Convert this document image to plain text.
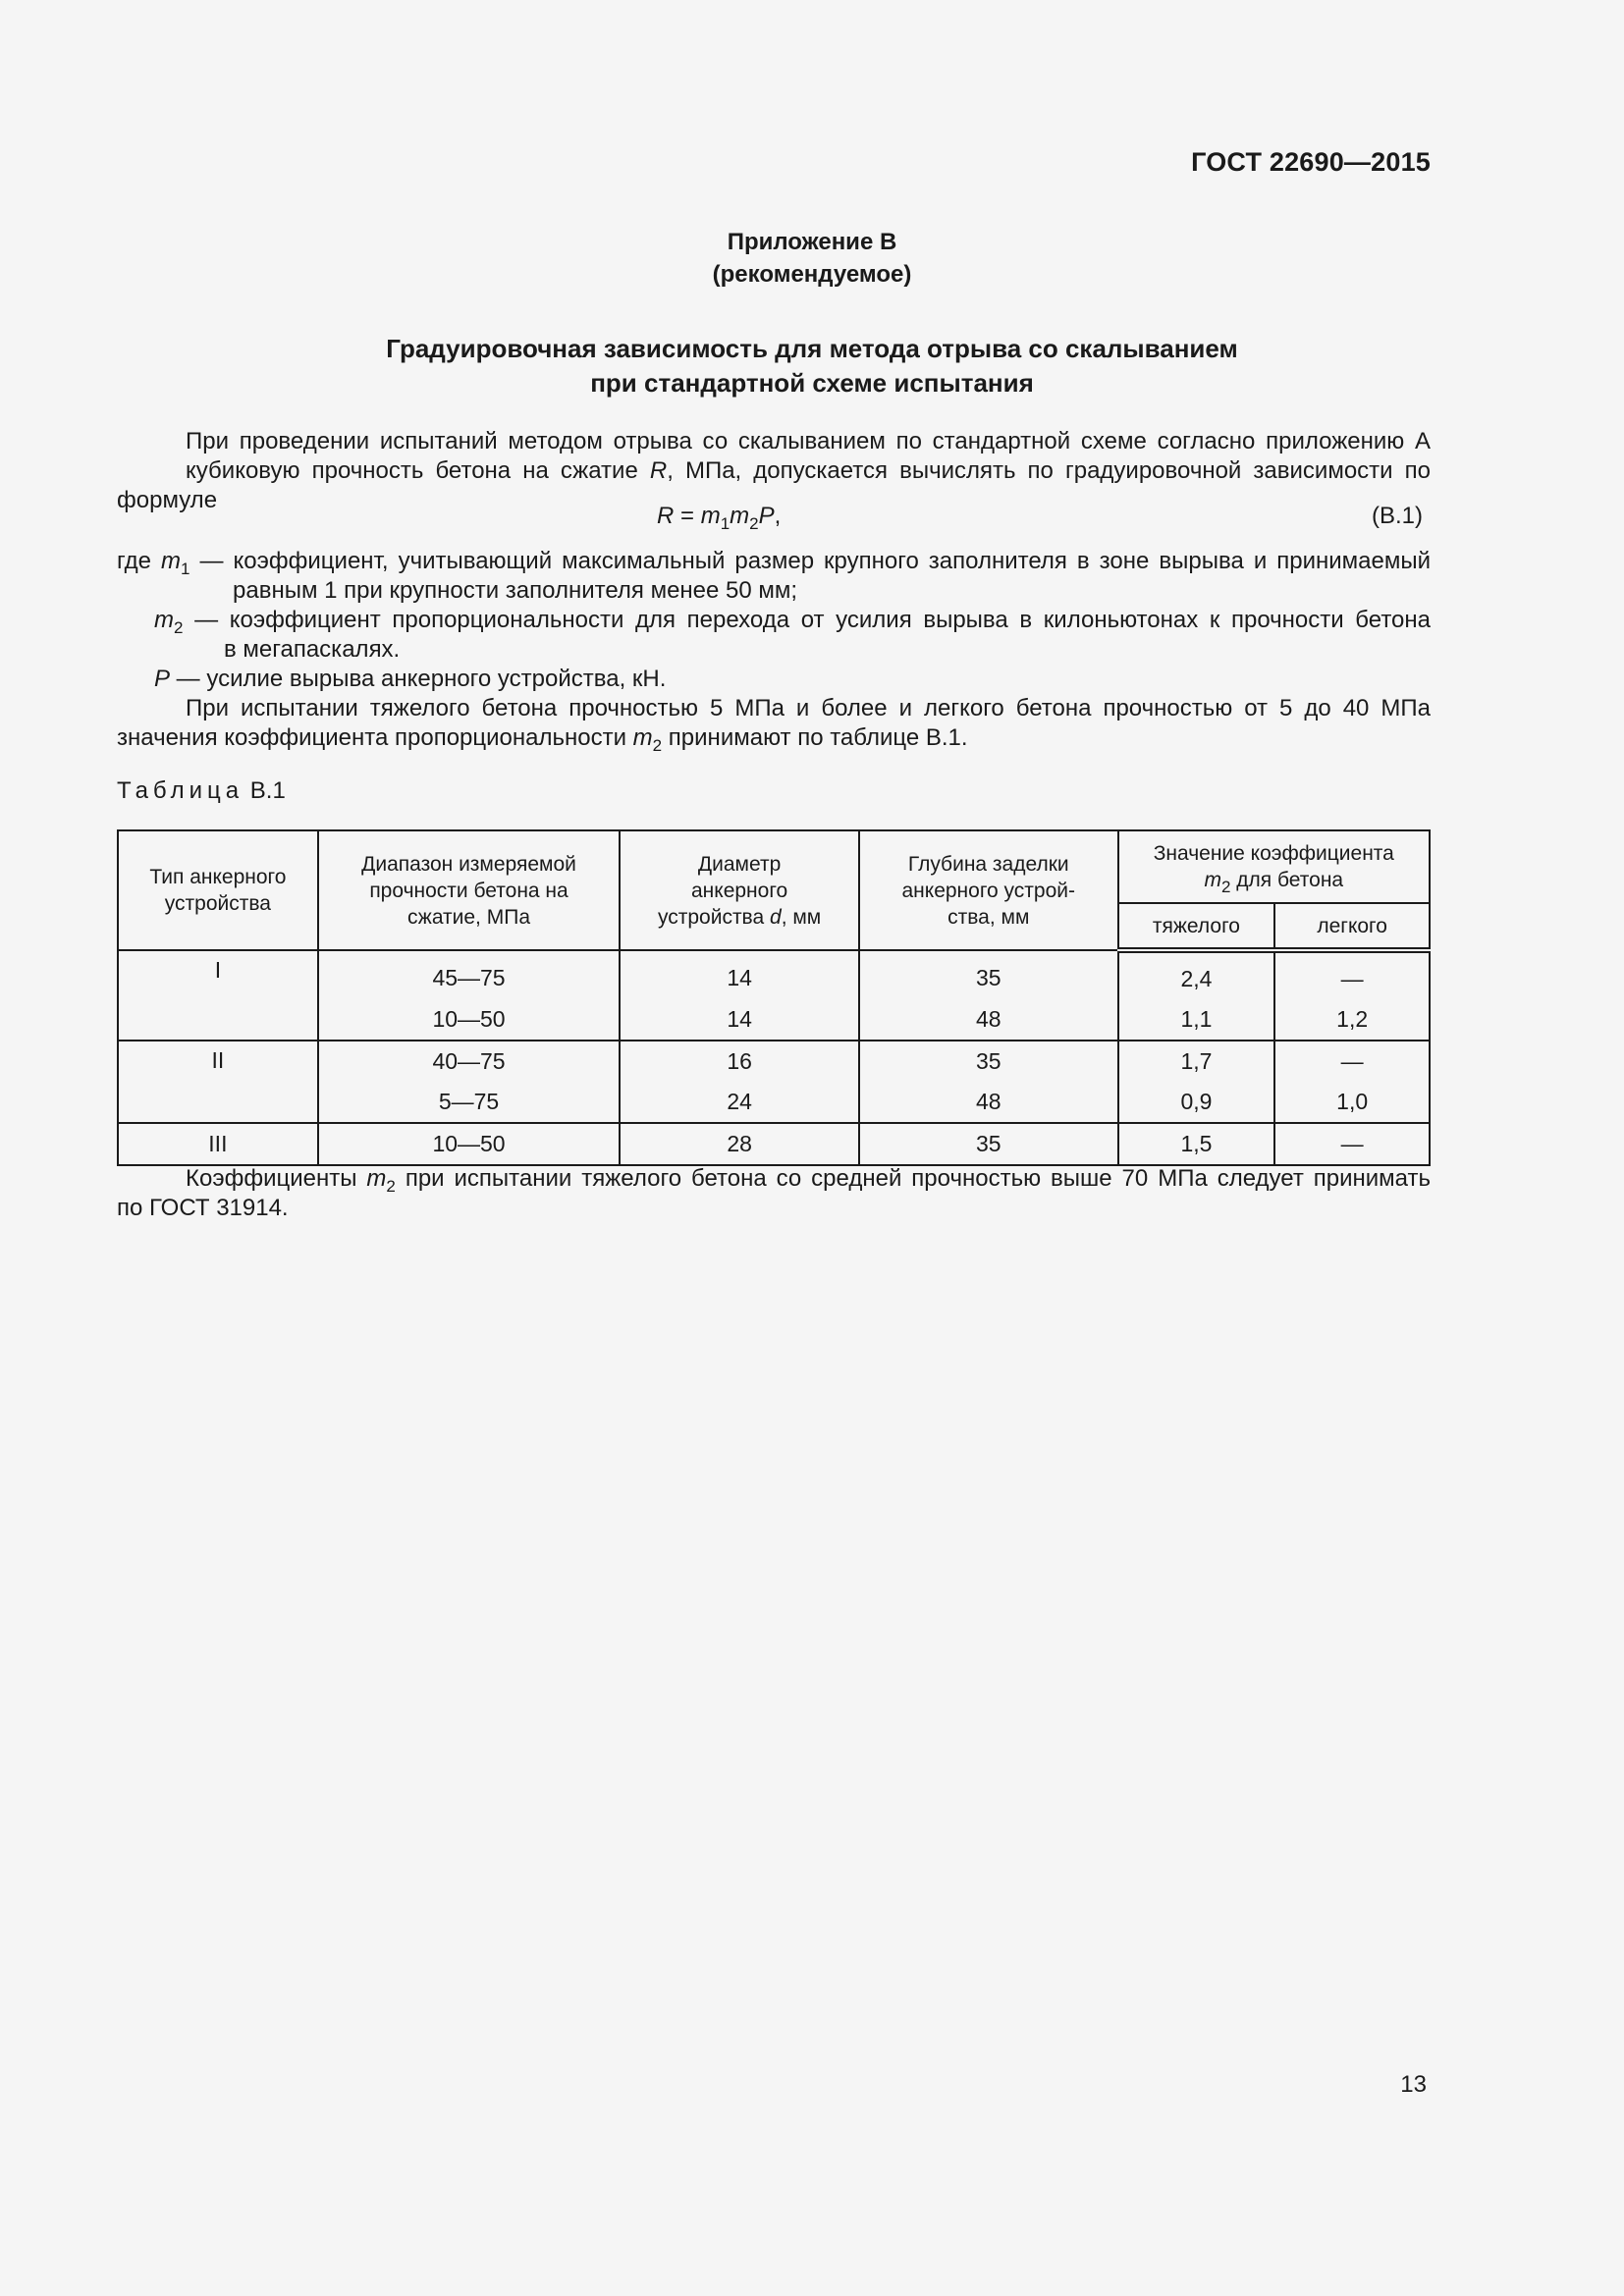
ГОСТ 22690—2015
Приложение В
(рекомендуемое)
Градуировочная зависимость для метода отрыва со скалыванием
при стандартной схеме испытания
При проведении испытаний методом отрыва со скалыванием по стандартной схеме согласно приложению А
кубиковую прочность бетона на сжатие R, МПа, допускается вычислять по градуировочной зависимости по формуле
$R = m_1m_2P$,	(В.1)
где $m_1$ — коэффициент, учитывающий максимальный размер крупного заполнителя в зоне вырыва и принимаемый
равным 1 при крупности заполнителя менее 50 мм;
$m_2$ — коэффициент пропорциональности для перехода от усилия вырыва в килоньютонах к прочности бетона
в мегапаскалях.
P — усилие вырыва анкерного устройства, кН.
При испытании тяжелого бетона прочностью 5 МПа и более и легкого бетона прочностью от 5 до 40 МПа
значения коэффициента пропорциональности $m_2$ принимают по таблице В.1.
Таблица В.1
Тип анкерного устройства	Диапазон измеряемой прочности бетона на сжатие, МПа	Диаметр анкерного устройства d, мм	Глубина заделки анкерного устрой-ства, мм	Значение коэффициента
$m_2$ для бетона	
				тяжелого	легкого
I	45—75	14	35	2,4	—
	10—50	14	48	1,1	1,2
II	40—75	16	35	1,7	—
	5—75	24	48	0,9	1,0
III	10—50	28	35	1,5	—
Коэффициенты $m_2$ при испытании тяжелого бетона со средней прочностью выше 70 МПа следует принимать
по ГОСТ 31914.
13
